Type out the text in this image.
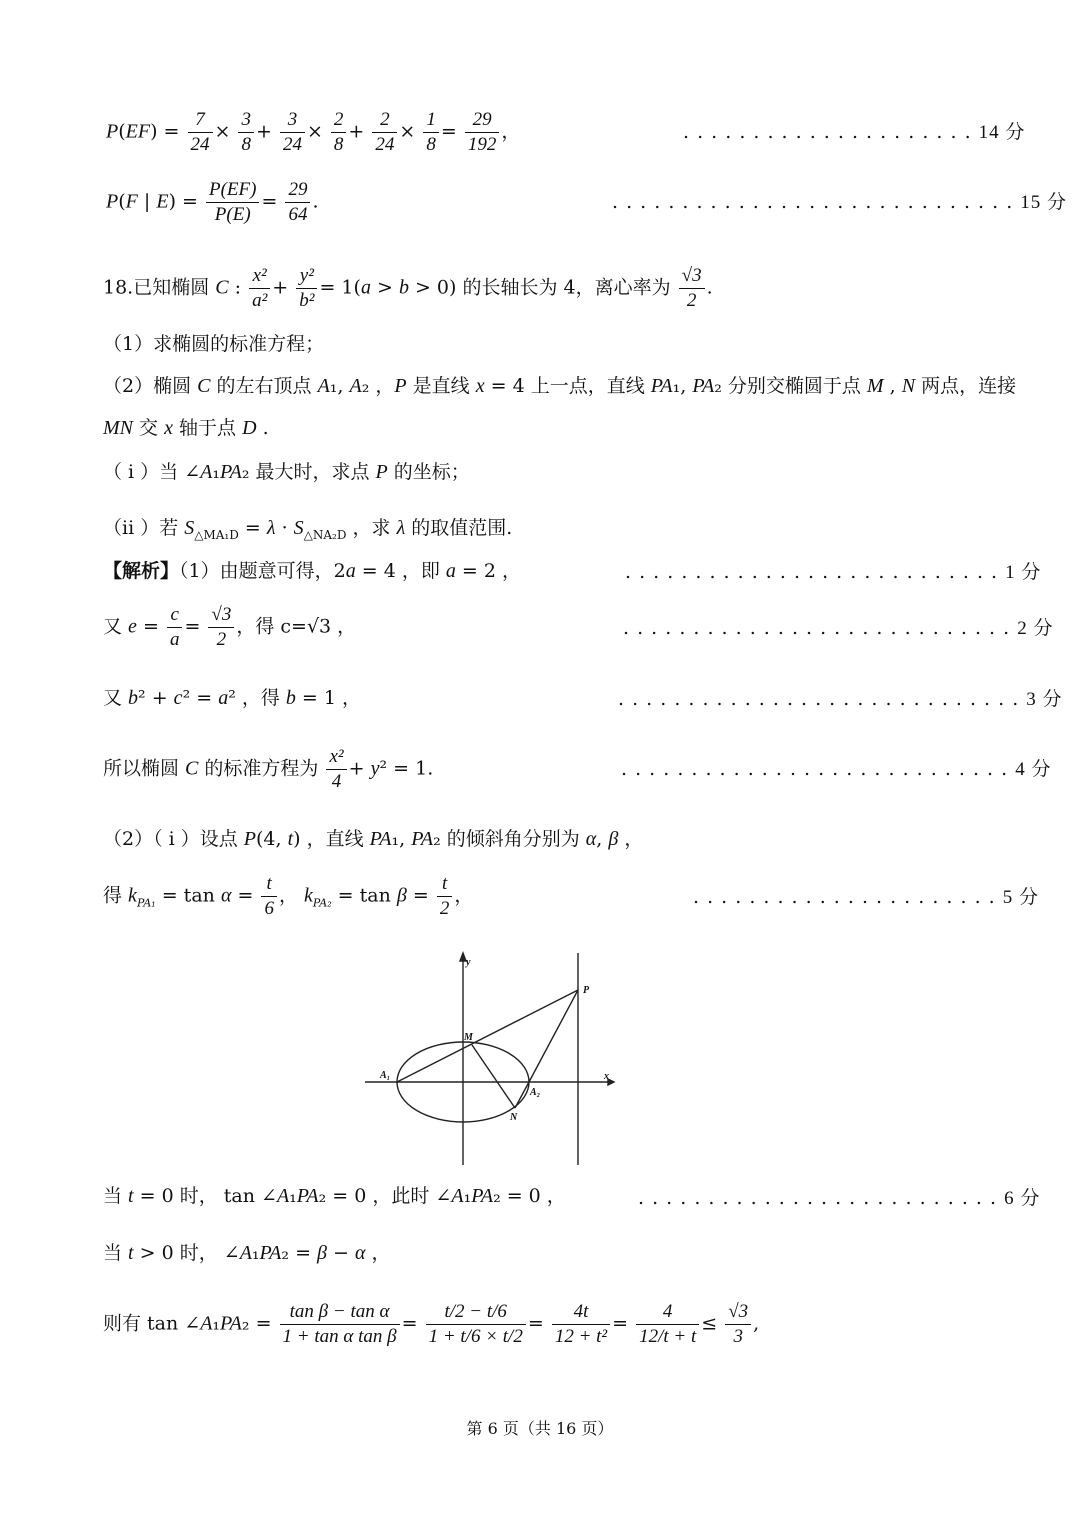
$P(EF) = \frac{7}{24} \times \frac{3}{8} + \frac{3}{24} \times \frac{2}{8} + \frac{2}{24} \times \frac{1}{8} = \frac{29}{192}$ ，	. . . . . . . . . . . . . . . . . . . . . 14 分
P(F | $E) = \frac{P(EF)}{P(E)} = \frac{29}{64}$ .	. . . . . . . . . . . . . . . . . . . . . . . . . . . . . 15 分
18.已知椭圆 C : $\frac{\text{x²}}{\text{a²}} + \frac{\text{y²}}{\text{b²}} = 1(a > b > 0)$ 的长轴长为 4，离心率为 $\frac{√3}{2}$ .
（1）求椭圆的标准方程；
（2）椭圆 C 的左右顶点 A₁, A₂ ，P 是直线 x = 4 上一点，直线 PA₁, PA₂ 分别交椭圆于点 M , N 两点，连接
MN 交 x 轴于点 D .
（ i ）当 ∠A₁PA₂ 最大时，求点 P 的坐标；
（ii ）若 $S_{\triangle MA_1D} = \lambda \cdot S_{\triangle NA_2D}$ ，求 λ 的取值范围.
【解析】（1）由题意可得，2a = 4 ，即 a = 2 ，	. . . . . . . . . . . . . . . . . . . . . . . . . . . 1 分
又 $e = \frac{c}{a} = \frac{√3}{2}$ ，得 c=√3 ，	. . . . . . . . . . . . . . . . . . . . . . . . . . . . 2 分
又 b² + c² = a² ，得 b = 1 ，	. . . . . . . . . . . . . . . . . . . . . . . . . . . . . 3 分
所以椭圆 C 的标准方程为 $\frac{\text{x²}}{4} + y^2 = 1$.	. . . . . . . . . . . . . . . . . . . . . . . . . . . . 4 分
（2）（ i ）设点 P(4, t) ，直线 PA₁, PA₂ 的倾斜角分别为 α, β ，
得 $k_{PA_1} = \tan \alpha = \frac{t}{6}$ ， $k_{PA_2} = \tan \beta = \frac{t}{2}$ ，	. . . . . . . . . . . . . . . . . . . . . . 5 分
y
x
P
M
A₁
A₂
N
当 t = 0 时， tan ∠A₁PA₂ = 0 ，此时 ∠A₁PA₂ = 0 ，	. . . . . . . . . . . . . . . . . . . . . . . . . . 6 分
当 t > 0 时， ∠A₁PA₂ = β − α ，
则有 tan ∠A₁PA₂ = $\frac{\text{tan β − tan α}}{\text{1 + tan α tan β}} = \frac{t/2 - t/6}{1 + t/6 \times t/2} = \frac{4t}{\text{12 + t²}} = \frac{4}{12/t + t} \le \frac{√3}{3}$ ,
第 6 页（共 16 页）
